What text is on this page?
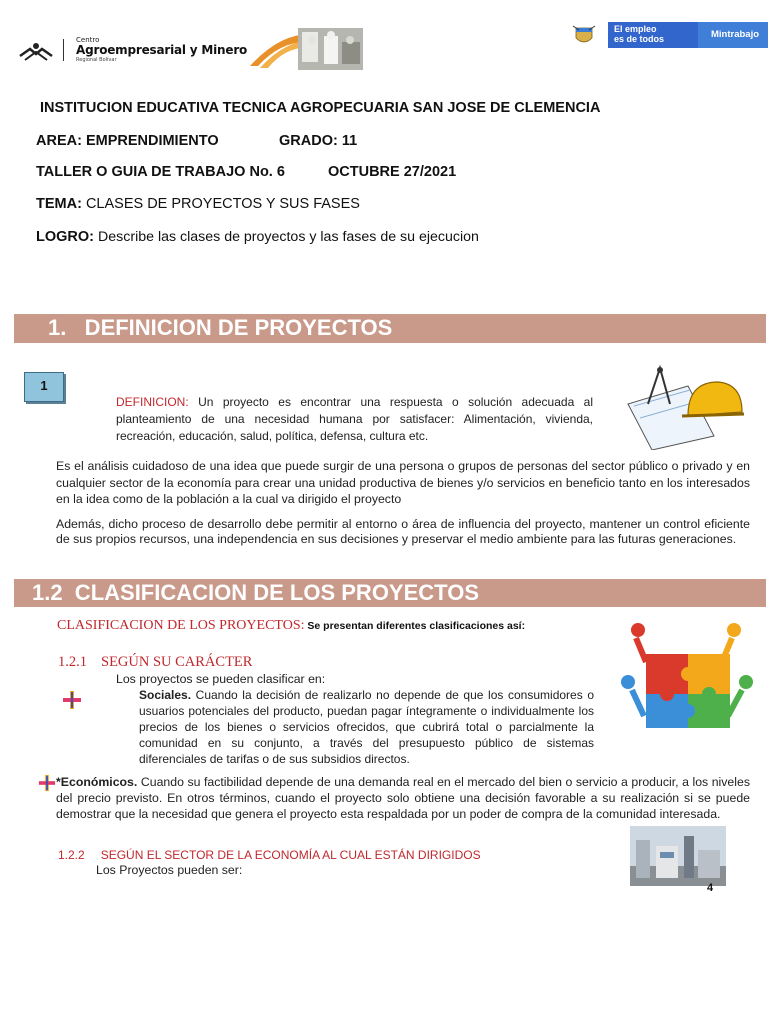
Centro
Agroempresarial y Minero
Regional Bolívar
El empleo
es de todos	Mintrabajo
INSTITUCION EDUCATIVA TECNICA AGROPECUARIA SAN JOSE DE CLEMENCIA
AREA: EMPRENDIMIENTO	GRADO: 11
TALLER O GUIA DE TRABAJO No. 6	OCTUBRE 27/2021
TEMA: CLASES DE PROYECTOS Y SUS FASES
LOGRO: Describe las clases de proyectos y las fases de su ejecucion
1.   DEFINICION DE PROYECTOS
1
DEFINICION: Un proyecto es encontrar una respuesta o solución adecuada al planteamiento de una necesidad humana por satisfacer: Alimentación, vivienda, recreación, educación, salud, política, defensa, cultura etc.
Es el análisis cuidadoso de una idea que puede surgir de una persona o grupos de personas del sector público o privado y en cualquier sector de la economía para crear una unidad productiva de bienes y/o servicios en beneficio tanto en los interesados en la idea como de la población a la cual va dirigido el proyecto
Además, dicho proceso de desarrollo debe permitir al entorno o área de influencia del proyecto, mantener un control eficiente de sus propios recursos, una independencia en sus decisiones y preservar el medio ambiente para las futuras generaciones.
1.2  CLASIFICACION DE LOS PROYECTOS
CLASIFICACION DE LOS PROYECTOS: Se presentan diferentes clasificaciones así:
1.2.1 SEGÚN SU CARÁCTER
Los proyectos se pueden clasificar en:
Sociales. Cuando la decisión de realizarlo no depende de que los consumidores o usuarios potenciales del producto, puedan pagar íntegramente o individualmente los precios de los bienes o servicios ofrecidos, que cubrirá total o parcialmente la comunidad en su conjunto, a través del presupuesto público de sistemas diferenciales de tarifas o de sus subsidios directos.
*Económicos. Cuando su factibilidad depende de una demanda real en el mercado del bien o servicio a producir, a los niveles del precio previsto. En otros términos, cuando el proyecto solo obtiene una decisión favorable a su realización si se puede demostrar que la necesidad que genera el proyecto esta respaldada por un poder de compra de la comunidad interesada.
1.2.2 SEGÚN EL SECTOR DE LA ECONOMÍA AL CUAL ESTÁN DIRIGIDOS
Los Proyectos pueden ser:
4
